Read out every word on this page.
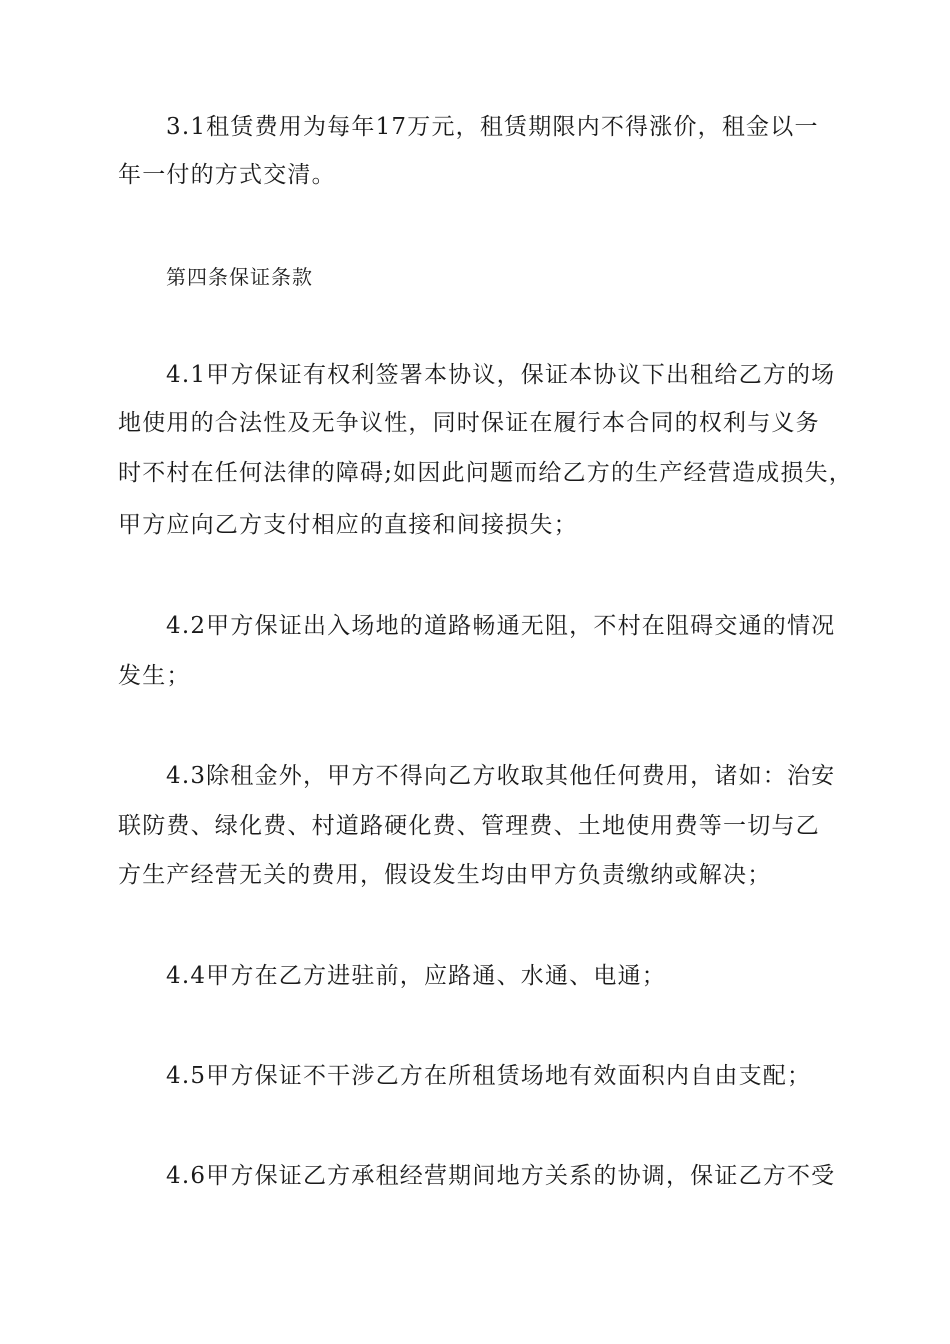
3.1租赁费用为每年17万元，租赁期限内不得涨价，租金以一

年一付的方式交清。

第四条保证条款

4.1甲方保证有权利签署本协议，保证本协议下出租给乙方的场

地使用的合法性及无争议性，同时保证在履行本合同的权利与义务

时不村在任何法律的障碍;如因此问题而给乙方的生产经营造成损失，

甲方应向乙方支付相应的直接和间接损失；

4.2甲方保证出入场地的道路畅通无阻，不村在阻碍交通的情况

发生；

4.3除租金外，甲方不得向乙方收取其他任何费用，诸如：治安

联防费、绿化费、村道路硬化费、管理费、土地使用费等一切与乙

方生产经营无关的费用，假设发生均由甲方负责缴纳或解决；

4.4甲方在乙方进驻前，应路通、水通、电通；

4.5甲方保证不干涉乙方在所租赁场地有效面积内自由支配；

4.6甲方保证乙方承租经营期间地方关系的协调，保证乙方不受
